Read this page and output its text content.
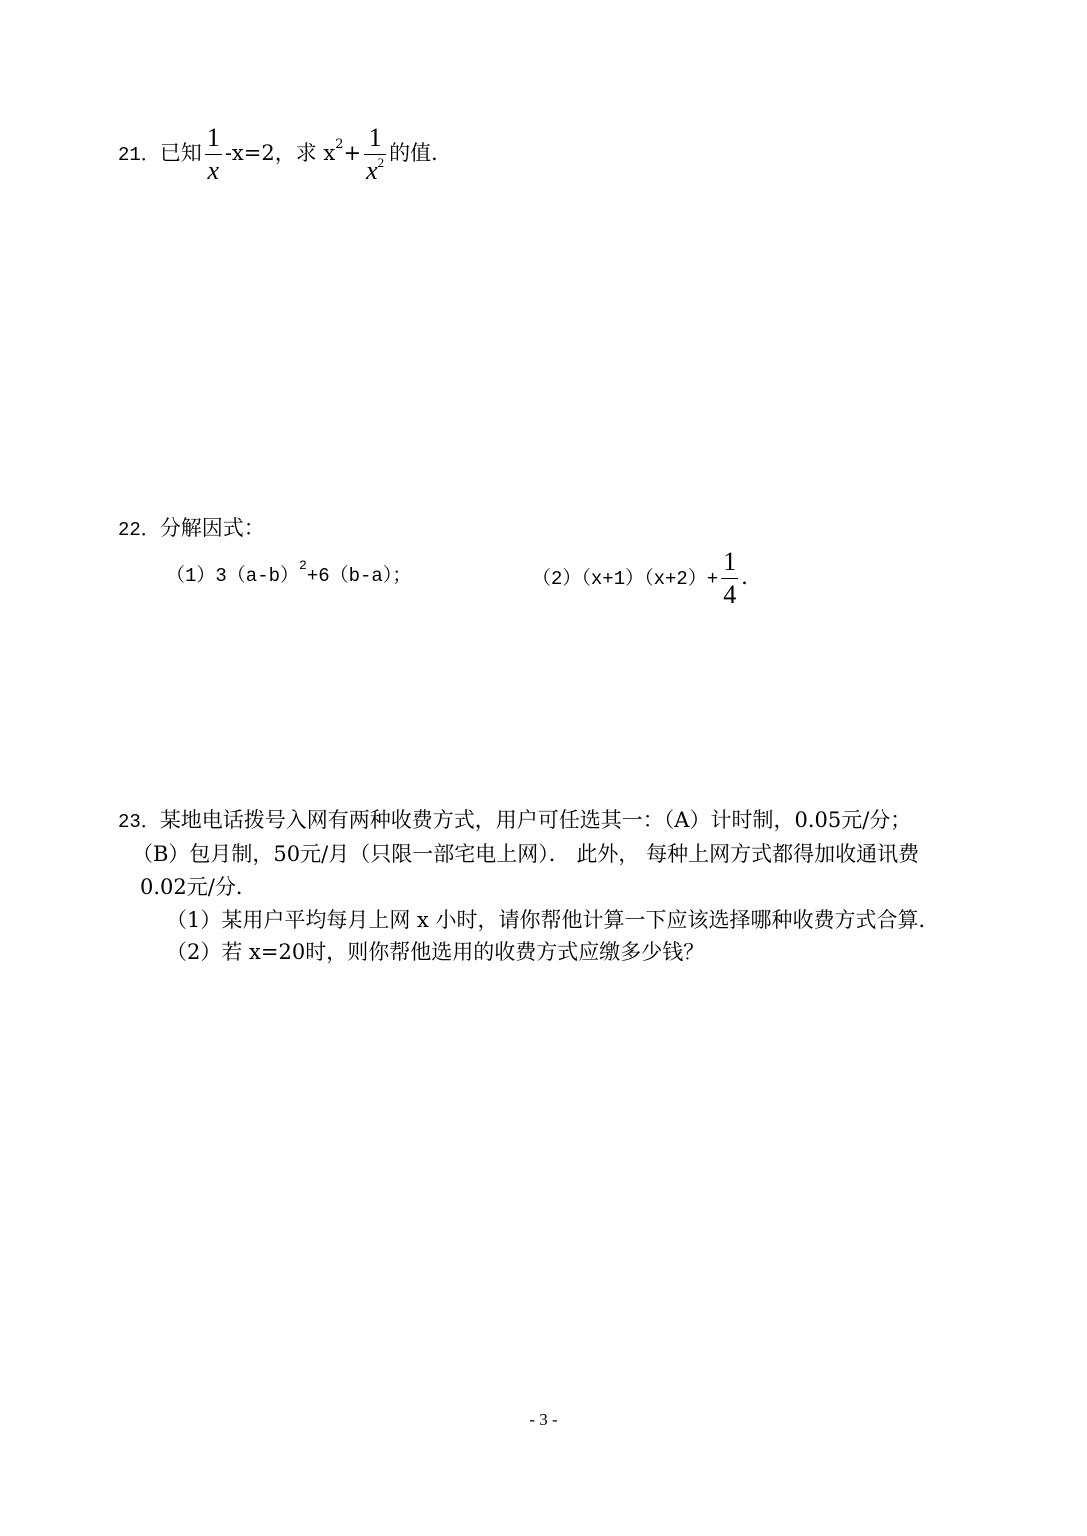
21．已知 $\frac{1}{x} -x=2$，求 $x^2+ \frac{1}{x^2}$ 的值．
22．分解因式：
$(1)3(a-b)^2+6(b-a)$；	$(2)(x+1)(x+2)+ \frac{1}{4}$ ．
23．某地电话拨号入网有两种收费方式，用户可任选其一：（A）计时制，0.05元/分；
（B）包月制，50元/月（只限一部宅电上网）． 此外， 每种上网方式都得加收通讯费
0.02元/分．
（1）某用户平均每月上网 x 小时，请你帮他计算一下应该选择哪种收费方式合算．
（2）若 x=20时，则你帮他选用的收费方式应缴多少钱？
- 3 -
